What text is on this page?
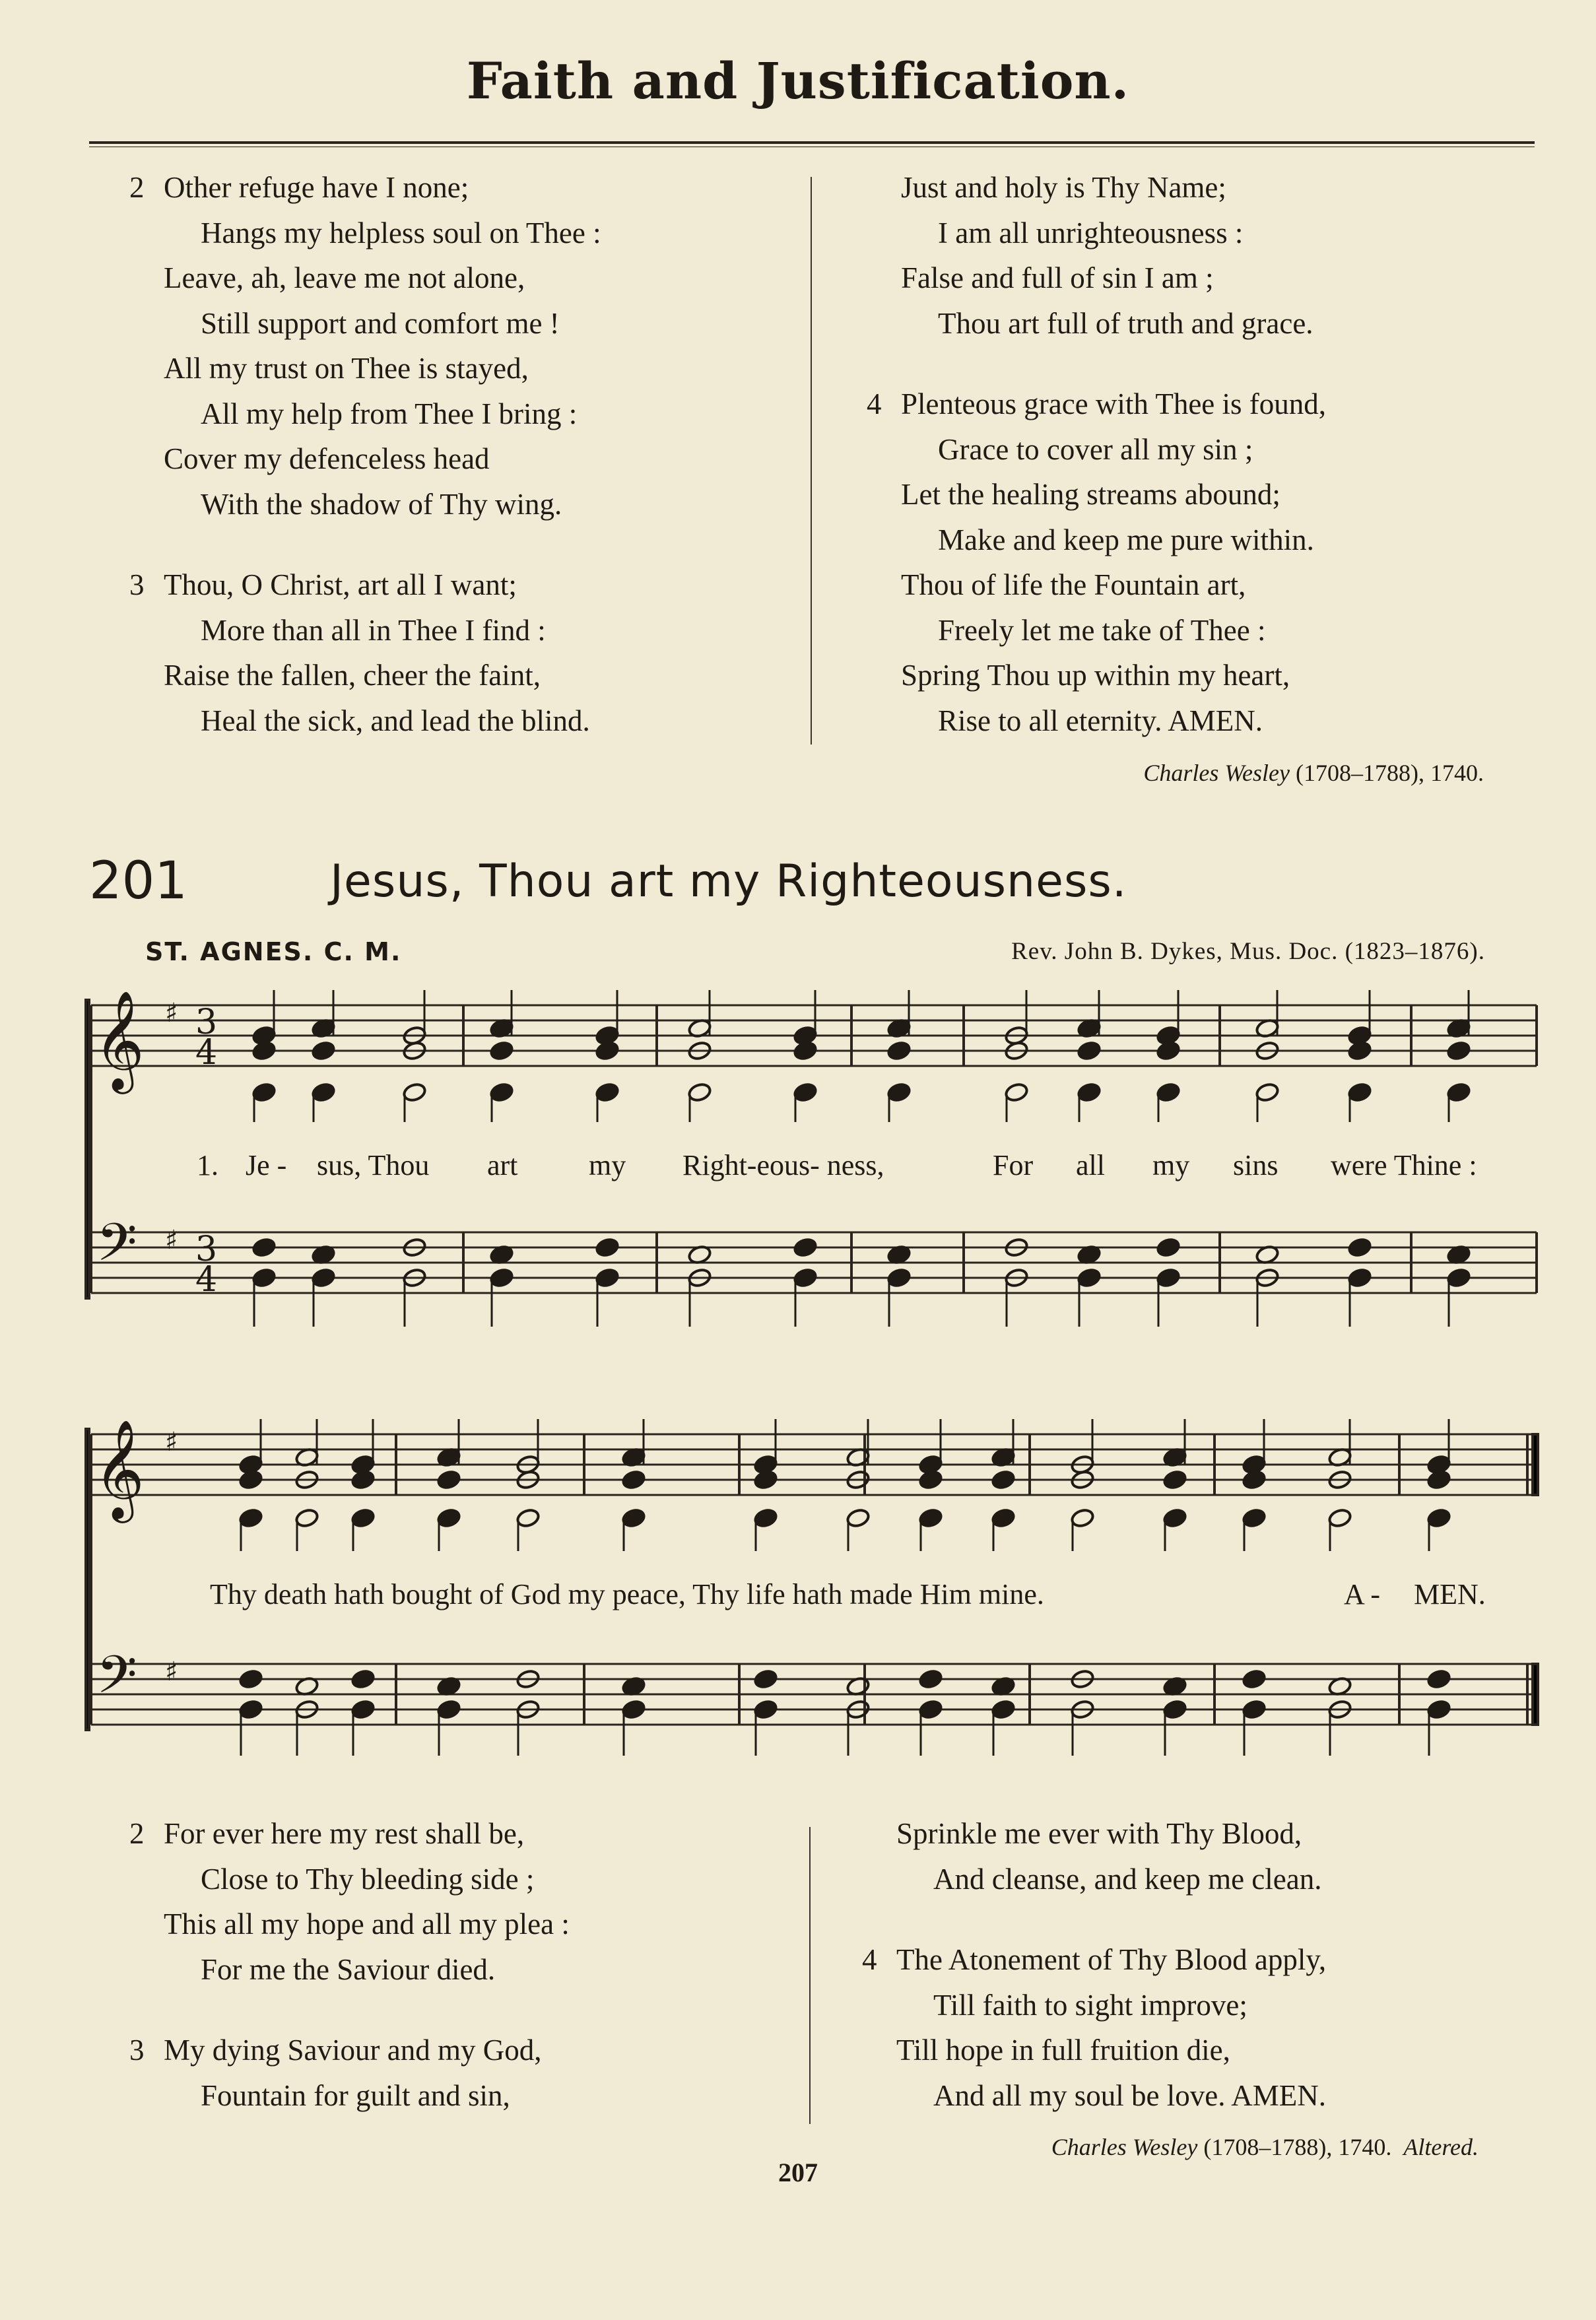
Faith and Justification.
2 Other refuge have I none;
Hangs my helpless soul on Thee :
Leave, ah, leave me not alone,
Still support and comfort me !
All my trust on Thee is stayed,
All my help from Thee I bring :
Cover my defenceless head
With the shadow of Thy wing.
3 Thou, O Christ, art all I want;
More than all in Thee I find :
Raise the fallen, cheer the faint,
Heal the sick, and lead the blind.
Just and holy is Thy Name;
I am all unrighteousness :
False and full of sin I am ;
Thou art full of truth and grace.
4 Plenteous grace with Thee is found,
Grace to cover all my sin ;
Let the healing streams abound;
Make and keep me pure within.
Thou of life the Fountain art,
Freely let me take of Thee :
Spring Thou up within my heart,
Rise to all eternity. AMEN.
Charles Wesley (1708–1788), 1740.
201	Jesus, Thou art my Righteousness.
ST. AGNES. C. M.	Rev. John B. Dykes, Mus. Doc. (1823–1876).
𝄞
𝄢
𝄞
𝄢
♯
♯
♯
♯
3
4
3
4
1. Je - sus, Thou art my Right-eous- ness,	For all my sins were Thine :
Thy death hath bought of God my peace, Thy life hath made Him mine.	A - MEN.
2 For ever here my rest shall be,
Close to Thy bleeding side ;
This all my hope and all my plea :
For me the Saviour died.
3 My dying Saviour and my God,
Fountain for guilt and sin,
Sprinkle me ever with Thy Blood,
And cleanse, and keep me clean.
4 The Atonement of Thy Blood apply,
Till faith to sight improve;
Till hope in full fruition die,
And all my soul be love. AMEN.
Charles Wesley (1708–1788), 1740. Altered.
207
